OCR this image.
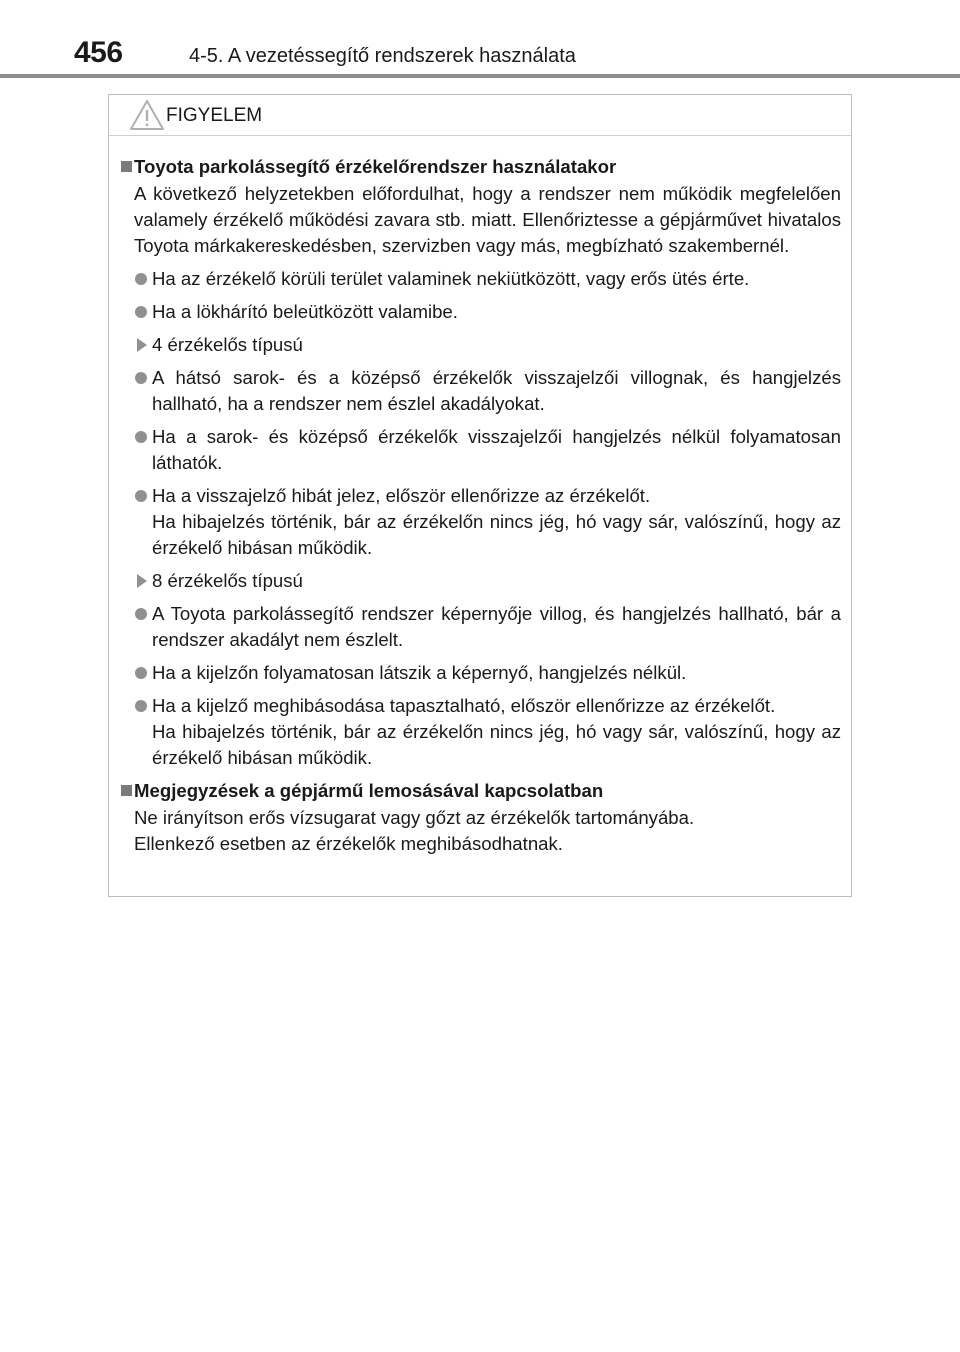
456	4-5. A vezetéssegítő rendszerek használata
FIGYELEM
Toyota parkolássegítő érzékelőrendszer használatakor
A következő helyzetekben előfordulhat, hogy a rendszer nem működik megfelelően valamely érzékelő működési zavara stb. miatt. Ellenőriztesse a gépjárművet hivatalos Toyota márkakereskedésben, szervizben vagy más, megbízható szakembernél.
Ha az érzékelő körüli terület valaminek nekiütközött, vagy erős ütés érte.
Ha a lökhárító beleütközött valamibe.
4 érzékelős típusú
A hátsó sarok- és a középső érzékelők visszajelzői villognak, és hangjelzés hallható, ha a rendszer nem észlel akadályokat.
Ha a sarok- és középső érzékelők visszajelzői hangjelzés nélkül folyamatosan láthatók.
Ha a visszajelző hibát jelez, először ellenőrizze az érzékelőt.
Ha hibajelzés történik, bár az érzékelőn nincs jég, hó vagy sár, valószínű, hogy az érzékelő hibásan működik.
8 érzékelős típusú
A Toyota parkolássegítő rendszer képernyője villog, és hangjelzés hallható, bár a rendszer akadályt nem észlelt.
Ha a kijelzőn folyamatosan látszik a képernyő, hangjelzés nélkül.
Ha a kijelző meghibásodása tapasztalható, először ellenőrizze az érzékelőt.
Ha hibajelzés történik, bár az érzékelőn nincs jég, hó vagy sár, valószínű, hogy az érzékelő hibásan működik.
Megjegyzések a gépjármű lemosásával kapcsolatban
Ne irányítson erős vízsugarat vagy gőzt az érzékelők tartományába.
Ellenkező esetben az érzékelők meghibásodhatnak.
